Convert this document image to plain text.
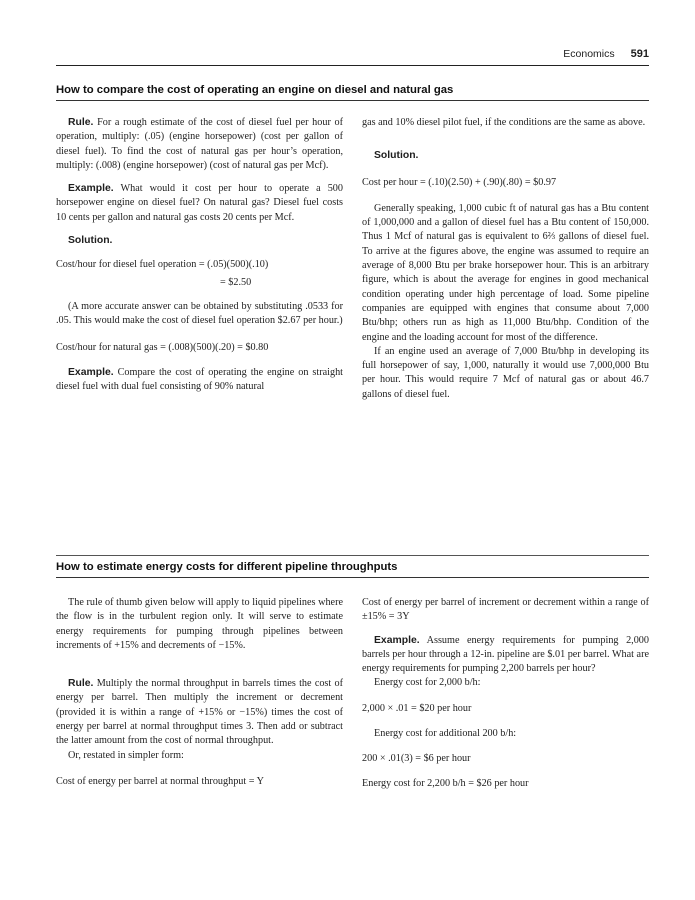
Economics 591
How to compare the cost of operating an engine on diesel and natural gas

Rule. For a rough estimate of the cost of diesel fuel per hour of operation, multiply: (.05) (engine horsepower) (cost per gallon of diesel fuel). To find the cost of natural gas per hour’s operation, multiply: (.008) (engine horsepower) (cost of natural gas per Mcf).

Example. What would it cost per hour to operate a 500 horsepower engine on diesel fuel? On natural gas? Diesel fuel costs 10 cents per gallon and natural gas costs 20 cents per Mcf.

Solution.

Cost/hour for diesel fuel operation = (.05)(500)(.10)

= $2.50

(A more accurate answer can be obtained by substituting .0533 for .05. This would make the cost of diesel fuel operation $2.67 per hour.)

Cost/hour for natural gas = (.008)(500)(.20) = $0.80

Example. Compare the cost of operating the engine on straight diesel fuel with dual fuel consisting of 90% natural

gas and 10% diesel pilot fuel, if the conditions are the same as above.

Solution.

Cost per hour = (.10)(2.50) + (.90)(.80) = $0.97

Generally speaking, 1,000 cubic ft of natural gas has a Btu content of 1,000,000 and a gallon of diesel fuel has a Btu content of 150,000. Thus 1 Mcf of natural gas is equivalent to 6⅔ gallons of diesel fuel. To arrive at the figures above, the engine was assumed to require an average of 8,000 Btu per brake horsepower hour. This is an arbitrary figure, which is about the average for engines in good mechanical condition operating under high percentage of load. Some pipeline companies are equipped with engines that consume about 7,000 Btu/bhp; others run as high as 11,000 Btu/bhp. Condition of the engine and the loading account for most of the difference.

If an engine used an average of 7,000 Btu/bhp in developing its full horsepower of say, 1,000, naturally it would use 7,000,000 Btu per hour. This would require 7 Mcf of natural gas or about 46.7 gallons of diesel fuel.

How to estimate energy costs for different pipeline throughputs

The rule of thumb given below will apply to liquid pipelines where the flow is in the turbulent region only. It will serve to estimate energy requirements for pumping through pipelines between increments of +15% and decrements of −15%.

Rule. Multiply the normal throughput in barrels times the cost of energy per barrel. Then multiply the increment or decrement (provided it is within a range of +15% or −15%) times the cost of energy per barrel at normal throughput times 3. Then add or subtract the latter amount from the cost of normal throughput.

Or, restated in simpler form:

Cost of energy per barrel at normal throughput = Y

Cost of energy per barrel of increment or decrement within a range of ±15% = 3Y

Example. Assume energy requirements for pumping 2,000 barrels per hour through a 12-in. pipeline are $.01 per barrel. What are energy requirements for pumping 2,200 barrels per hour?

Energy cost for 2,000 b/h:

2,000 × .01 = $20 per hour

Energy cost for additional 200 b/h:

200 × .01(3) = $6 per hour

Energy cost for 2,200 b/h = $26 per hour
